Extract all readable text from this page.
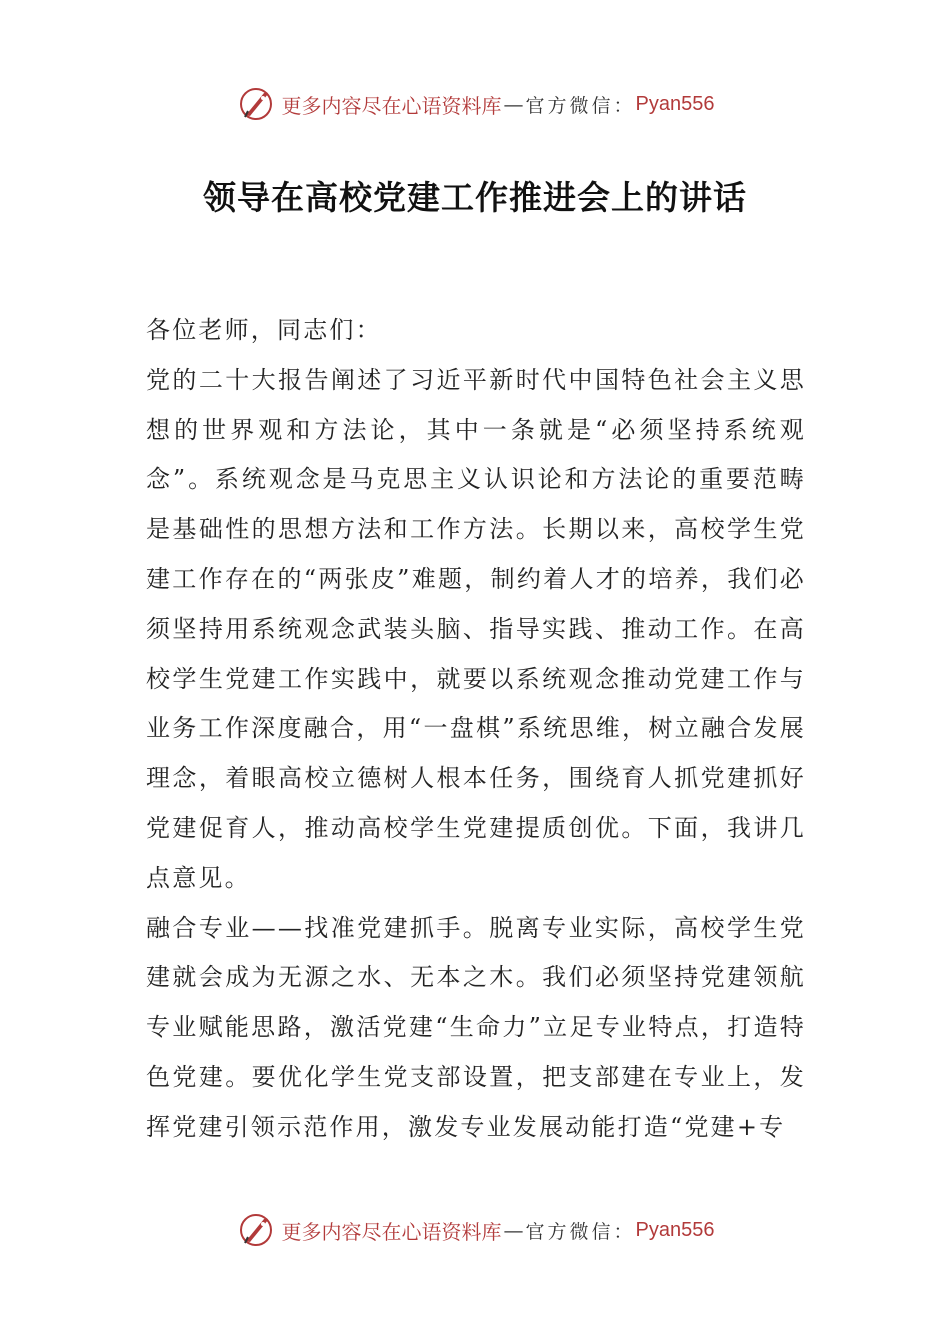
更多内容尽在心语资料库 — 官方微信： Pyan556
领导在高校党建工作推进会上的讲话

各位老师，同志们：

党的二十大报告阐述了习近平新时代中国特色社会主义思想的世界观和方法论，其中一条就是“必须坚持系统观念”。系统观念是马克思主义认识论和方法论的重要范畴是基础性的思想方法和工作方法。长期以来，高校学生党建工作存在的“两张皮”难题，制约着人才的培养，我们必须坚持用系统观念武装头脑、指导实践、推动工作。在高校学生党建工作实践中，就要以系统观念推动党建工作与业务工作深度融合，用“一盘棋”系统思维，树立融合发展理念，着眼高校立德树人根本任务，围绕育人抓党建抓好党建促育人，推动高校学生党建提质创优。下面，我讲几点意见。

融合专业——找准党建抓手。脱离专业实际，高校学生党建就会成为无源之水、无本之木。我们必须坚持党建领航专业赋能思路，激活党建“生命力”立足专业特点，打造特色党建。要优化学生党支部设置，把支部建在专业上，发挥党建引领示范作用，激发专业发展动能打造“党建+专

更多内容尽在心语资料库 — 官方微信： Pyan556
